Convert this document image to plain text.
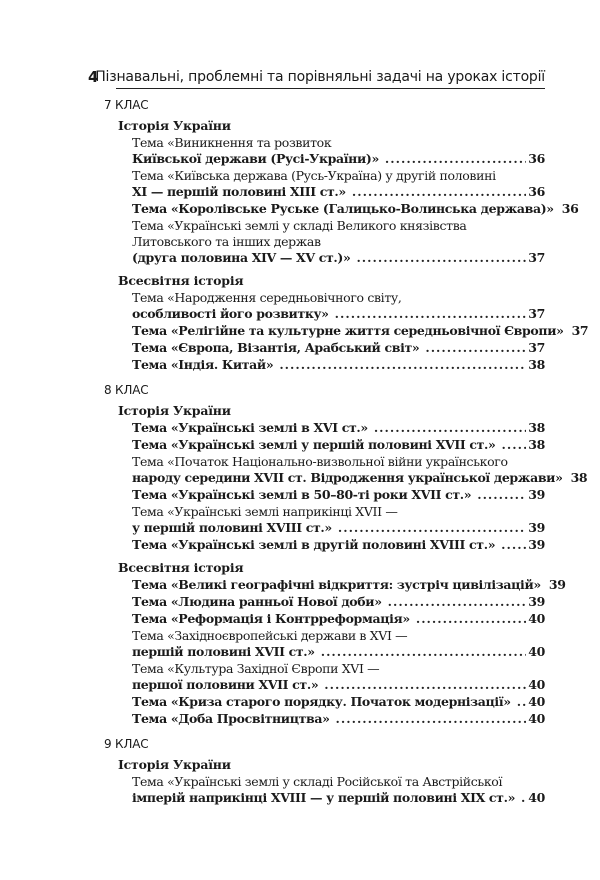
4
Пізнавальні, проблемні та порівняльні задачі на уроках історії
7 КЛАС
Історія України
Тема «Виникнення та розвиток
Київської держави (Русі-України)» .....	36
Тема «Київська держава (Русь-Україна) у другій половині
XI — першій половині XIII ст.» .....	36
Тема «Королівське Руське (Галицько-Волинська держава)» 36
Тема «Українські землі у складі Великого князівства
Литовського та інших держав
(друга половина XIV — XV ст.)» .....	37
Всесвітня історія
Тема «Народження середньовічного світу,
особливості його розвитку» .....	37
Тема «Релігійне та культурне життя середньовічної Європи» 37
Тема «Європа, Візантія, Арабський світ» .....	37
Тема «Індія. Китай» .....	38
8 КЛАС
Історія України
Тема «Українські землі в XVI ст.» .....	38
Тема «Українські землі у першій половині XVII ст.» .....	38
Тема «Початок Національно-визвольної війни українського
народу середини XVII ст. Відродження української держави» 38
Тема «Українські землі в 50–80-ті роки XVII ст.» .....	39
Тема «Українські землі наприкінці XVII —
у першій половині XVIII ст.» .....	39
Тема «Українські землі в другій половині XVIII ст.» .....	39
Всесвітня історія
Тема «Великі географічні відкриття: зустріч цивілізацій» 39
Тема «Людина ранньої Нової доби» .....	39
Тема «Реформація і Контрреформація» .....	40
Тема «Західноєвропейські держави в XVI —
першій половині XVII ст.» .....	40
Тема «Культура Західної Європи XVI —
першої половини XVII ст.» .....	40
Тема «Криза старого порядку. Початок модернізації» ..... 40
Тема «Доба Просвітництва» .....	40
9 КЛАС
Історія України
Тема «Українські землі у складі Російської та Австрійської
імперій наприкінці XVIII — у першій половині XIX ст.» ..... 40
